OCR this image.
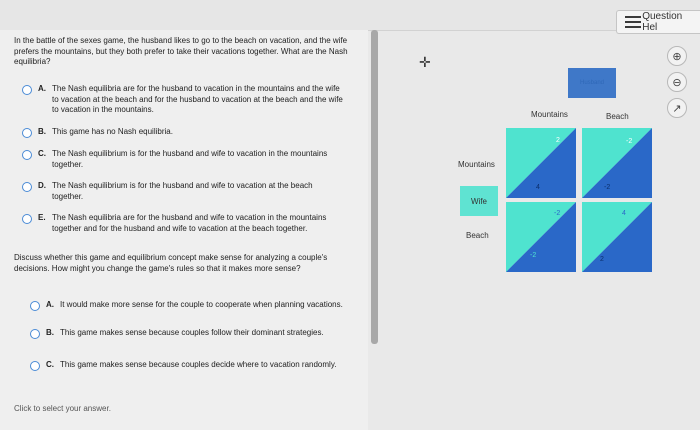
Question Hel
In the battle of the sexes game, the husband likes to go to the beach on vacation, and the wife prefers the mountains, but they both prefer to take their vacations together. What are the Nash equilibria?
A. The Nash equilibria are for the husband to vacation in the mountains and the wife to vacation at the beach and for the husband to vacation at the beach and the wife to vacation in the mountains.
B. This game has no Nash equilibria.
C. The Nash equilibrium is for the husband and wife to vacation in the mountains together.
D. The Nash equilibrium is for the husband and wife to vacation at the beach together.
E. The Nash equilibria are for the husband and wife to vacation in the mountains together and for the husband and wife to vacation at the beach together.
Discuss whether this game and equilibrium concept make sense for analyzing a couple's decisions. How might you change the game's rules so that it makes more sense?
A. It would make more sense for the couple to cooperate when planning vacations.
B. This game makes sense because couples follow their dominant strategies.
C. This game makes sense because couples decide where to vacation randomly.
Click to select your answer.
✛	⊕
⊖
↗
Husband
Mountains	Beach
Mountains
Wife
Beach
2
4
-2
-2
-2
-2
4
2
